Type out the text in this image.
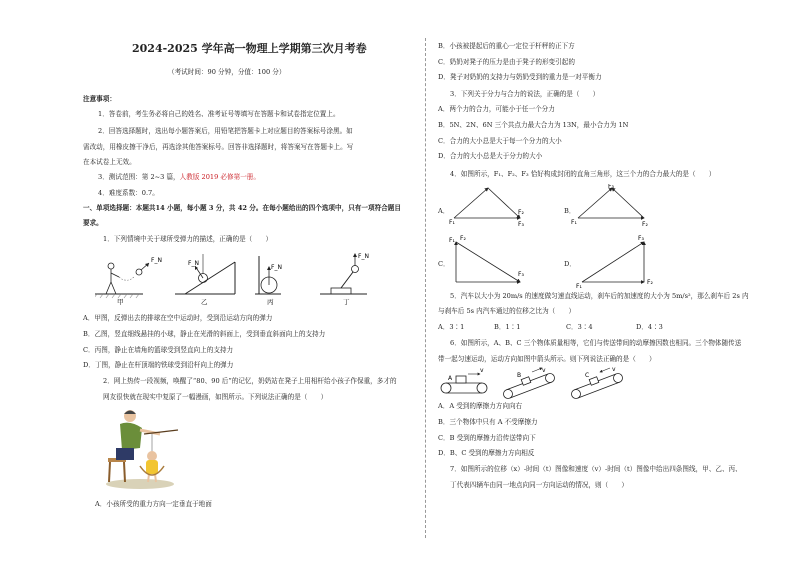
2024-2025 学年高一物理上学期第三次月考卷
（考试时间：90 分钟，分值：100 分）
注意事项：
1．答卷前，考生务必将自己的姓名、准考证号等填写在答题卡和试卷指定位置上。
2．回答选择题时，选出每小题答案后，用铅笔把答题卡上对应题目的答案标号涂黑。如
需改动，用橡皮擦干净后，再选涂其他答案标号。回答非选择题时，将答案写在答题卡上。写
在本试卷上无效。
3．测试范围：第 2~3 篇，人教版 2019 必修第一册。
4．难度系数：0.7。
一、单项选择题：本题共14 小题，每小题 3 分，共 42 分。在每小题给出的四个选项中，只有一项符合题目
要求。
1．下列情境中关于球所受弹力的描述，正确的是（　　）
F_N
甲
F_N
乙
F_N
丙
F_N
丁
A．甲图，反弹出去的排球在空中运动时，受到沿运动方向的弹力
B．乙图，竖直细线悬挂的小球，静止在光滑的斜面上，受到垂直斜面向上的支持力
C．丙图，静止在墙角的篮球受到竖直向上的支持力
D．丁图，静止在杆顶端的铁球受到沿杆向上的弹力
2．网上热传一段视频，唤醒了“80、90 后”的记忆，奶奶站在凳子上用相杆给小孩子作保重，多才的
网友很快就在现实中复原了一幅漫画，如图所示。下列说法正确的是（　　）
A．小孩所受的重力方向一定垂直于地面
B．小孩被提起后的重心一定位于杆秤的正下方
C．奶奶对凳子的压力是由于凳子的形变引起的
D．凳子对奶奶的支持力与奶奶受到的重力是一对平衡力
3．下列关于分力与合力的说法，正确的是（　　）
A．两个力的合力，可能小于任一个分力
B．5N、2N、6N 三个共点力最大合力为 13N，最小合力为 1N
C．合力的大小总是大于每一个分力的大小
D．合力的大小总是大于分力的大小
4．如图所示，F₁、F₂、F₃ 恰好构成封闭的直角三角形，这三个力的合力最大的是（　　）
A．	B．
C．	D．
F₁
F₂
F₃
F₃
F₁	F₂
F₁ F₂
F₃
F₃
F₁
F₂
5．汽车以大小为 20m/s 的速度做匀速直线运动，刹车后的加速度的大小为 5m/s²，那么刹车后 2s 内
与刹车后 5s 内汽车通过的位移之比为（　　）
A．3∶1	B．1∶1	C．3∶4	D．4∶3
6．如图所示，A、B、C 三个物体质量相等，它们与传送带间的动摩擦因数也相同。三个物体随传送
带一起匀速运动，运动方向如图中箭头所示。则下列说法正确的是（　　）
A
v
B
v
C
v
A．A 受到的摩擦力方向向右
B．三个物体中只有 A 不受摩擦力
C．B 受到的摩擦力沿传送带向下
D．B、C 受到的摩擦力方向相反
7．如图所示的位移（x）-时间（t）图像和速度（v）-时间（t）图像中给出四条图线，甲、乙、丙、
丁代表四辆车由同一地点向同一方向运动的情况，则（　　）
